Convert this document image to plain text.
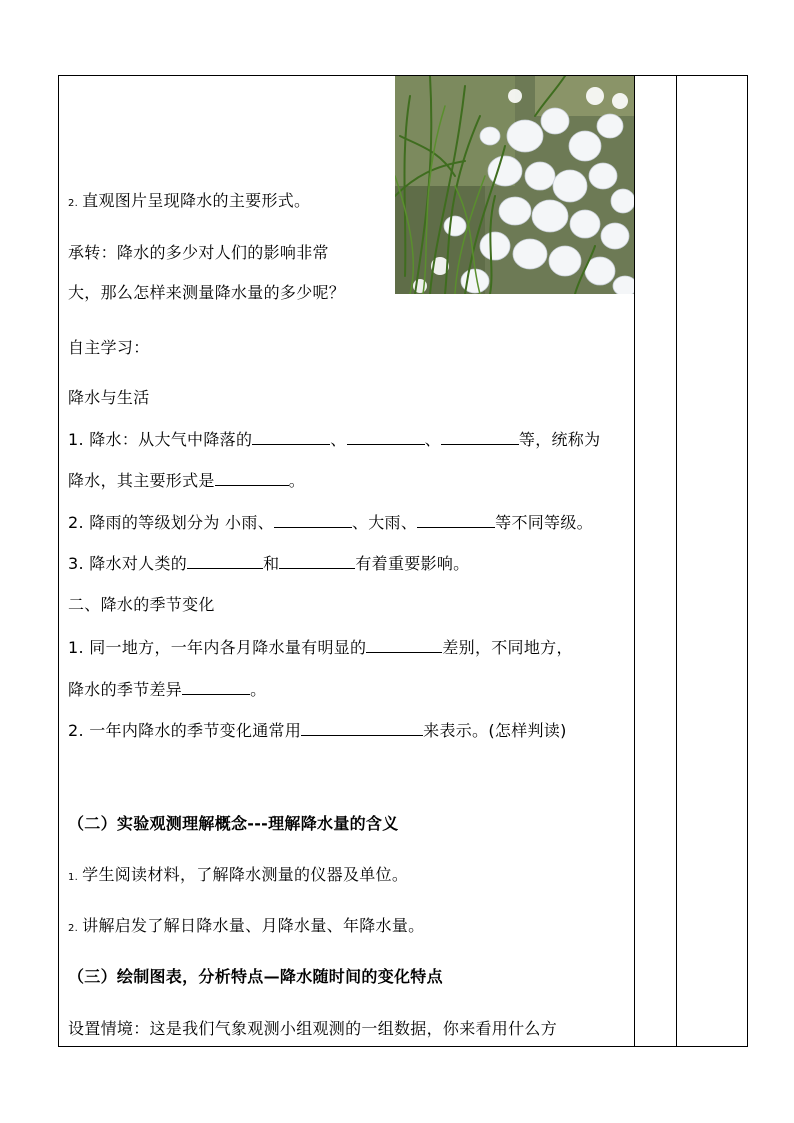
2. 直观图片呈现降水的主要形式。
承转：降水的多少对人们的影响非常
大，那么怎样来测量降水量的多少呢？
自主学习：
降水与生活
1. 降水：从大气中降落的	、	、	等，统称为
降水，其主要形式是	。
2. 降雨的等级划分为 小雨、	、大雨、	等不同等级。
3. 降水对人类的	和	有着重要影响。
二、降水的季节变化
1. 同一地方，一年内各月降水量有明显的	差别，不同地方，
降水的季节差异	。
2. 一年内降水的季节变化通常用	来表示。(怎样判读)
（二）实验观测理解概念---理解降水量的含义
1. 学生阅读材料，了解降水测量的仪器及单位。
2. 讲解启发了解日降水量、月降水量、年降水量。
（三）绘制图表，分析特点—降水随时间的变化特点
设置情境：这是我们气象观测小组观测的一组数据，你来看用什么方
